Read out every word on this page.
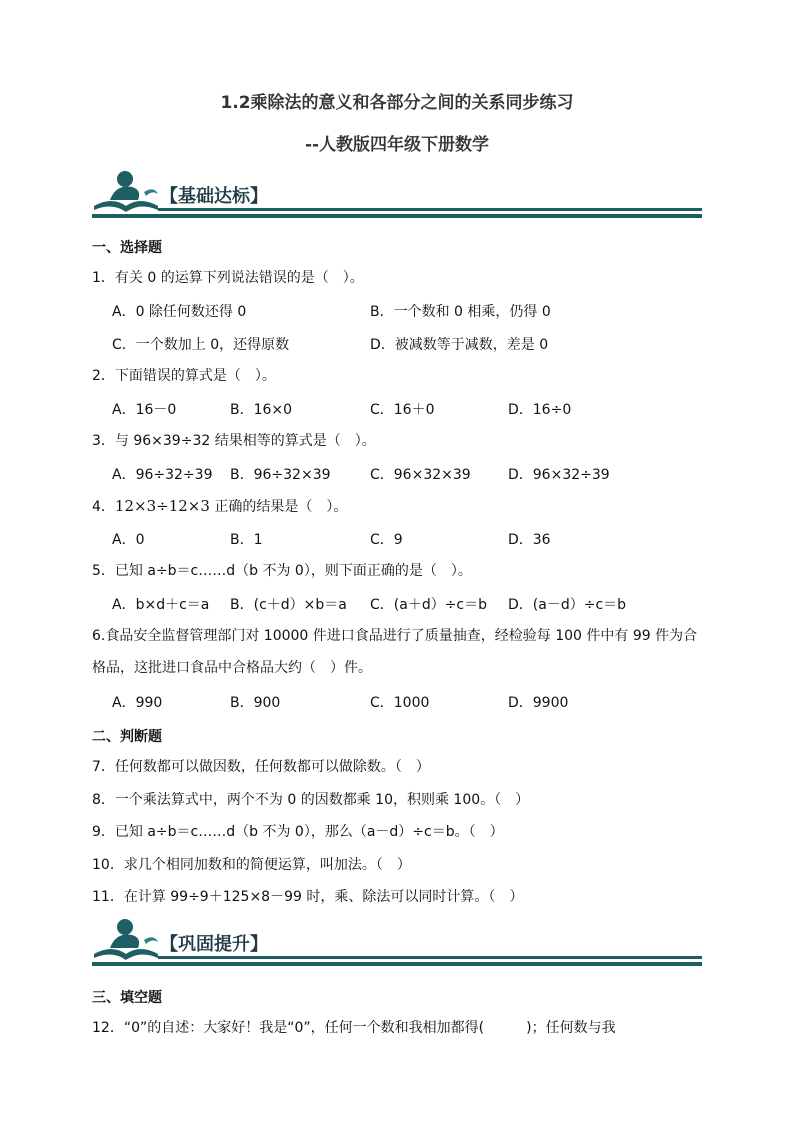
1.2乘除法的意义和各部分之间的关系同步练习
--人教版四年级下册数学
【基础达标】
一、选择题
1．有关 0 的运算下列说法错误的是（　）。
A．0 除任何数还得 0	B．一个数和 0 相乘，仍得 0
C．一个数加上 0，还得原数	D．被减数等于减数，差是 0
2．下面错误的算式是（　）。
A．16－0	B．16×0	C．16＋0	D．16÷0
3．与 96×39÷32 结果相等的算式是（　）。
A．96÷32÷39 B．96÷32×39	C．96×32×39	D．96×32÷39
4．12×3÷12×3 正确的结果是（　）。
A．0	B．1	C．9	D．36
5．已知 a÷b＝c……d（b 不为 0），则下面正确的是（　）。
A．b×d＋c＝a B．(c＋d）×b＝a C．(a＋d）÷c＝b D．(a－d）÷c＝b
6.食品安全监督管理部门对 10000 件进口食品进行了质量抽查，经检验每 100 件中有 99 件为合格品，这批进口食品中合格品大约（　）件。
A．990	B．900	C．1000	D．9900
二、判断题
7．任何数都可以做因数，任何数都可以做除数。（　）
8．一个乘法算式中，两个不为 0 的因数都乘 10，积则乘 100。（　）
9．已知 a÷b＝c……d（b 不为 0），那么（a－d）÷c＝b。（　）
10．求几个相同加数和的简便运算，叫加法。（　）
11．在计算 99÷9＋125×8－99 时，乘、除法可以同时计算。（　）
【巩固提升】
三、填空题
12．“0”的自述：大家好！我是“0”，任何一个数和我相加都得(　　　)；任何数与我
